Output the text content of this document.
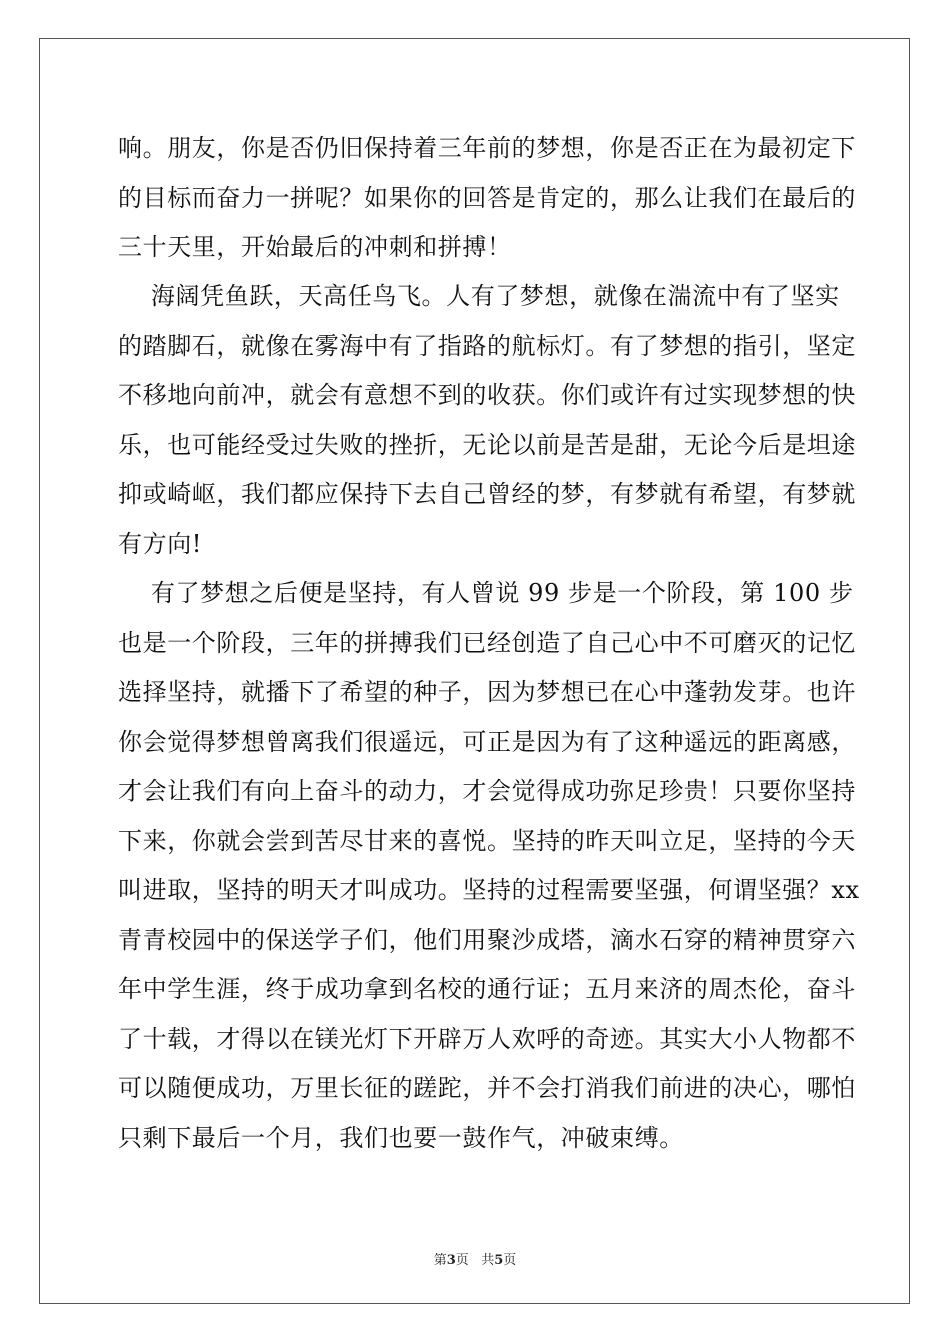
响。朋友，你是否仍旧保持着三年前的梦想，你是否正在为最初定下
的目标而奋力一拼呢？如果你的回答是肯定的，那么让我们在最后的
三十天里，开始最后的冲刺和拼搏！
海阔凭鱼跃，天高任鸟飞。人有了梦想，就像在湍流中有了坚实
的踏脚石，就像在雾海中有了指路的航标灯。有了梦想的指引，坚定
不移地向前冲，就会有意想不到的收获。你们或许有过实现梦想的快
乐，也可能经受过失败的挫折，无论以前是苦是甜，无论今后是坦途
抑或崎岖，我们都应保持下去自己曾经的梦，有梦就有希望，有梦就
有方向!
有了梦想之后便是坚持，有人曾说 99 步是一个阶段，第 100 步
也是一个阶段，三年的拼搏我们已经创造了自己心中不可磨灭的记忆
选择坚持，就播下了希望的种子，因为梦想已在心中蓬勃发芽。也许
你会觉得梦想曾离我们很遥远，可正是因为有了这种遥远的距离感，
才会让我们有向上奋斗的动力，才会觉得成功弥足珍贵！只要你坚持
下来，你就会尝到苦尽甘来的喜悦。坚持的昨天叫立足，坚持的今天
叫进取，坚持的明天才叫成功。坚持的过程需要坚强，何谓坚强？xx
青青校园中的保送学子们，他们用聚沙成塔，滴水石穿的精神贯穿六
年中学生涯，终于成功拿到名校的通行证；五月来济的周杰伦，奋斗
了十载，才得以在镁光灯下开辟万人欢呼的奇迹。其实大小人物都不
可以随便成功，万里长征的蹉跎，并不会打消我们前进的决心，哪怕
只剩下最后一个月，我们也要一鼓作气，冲破束缚。
第3页 共5页
